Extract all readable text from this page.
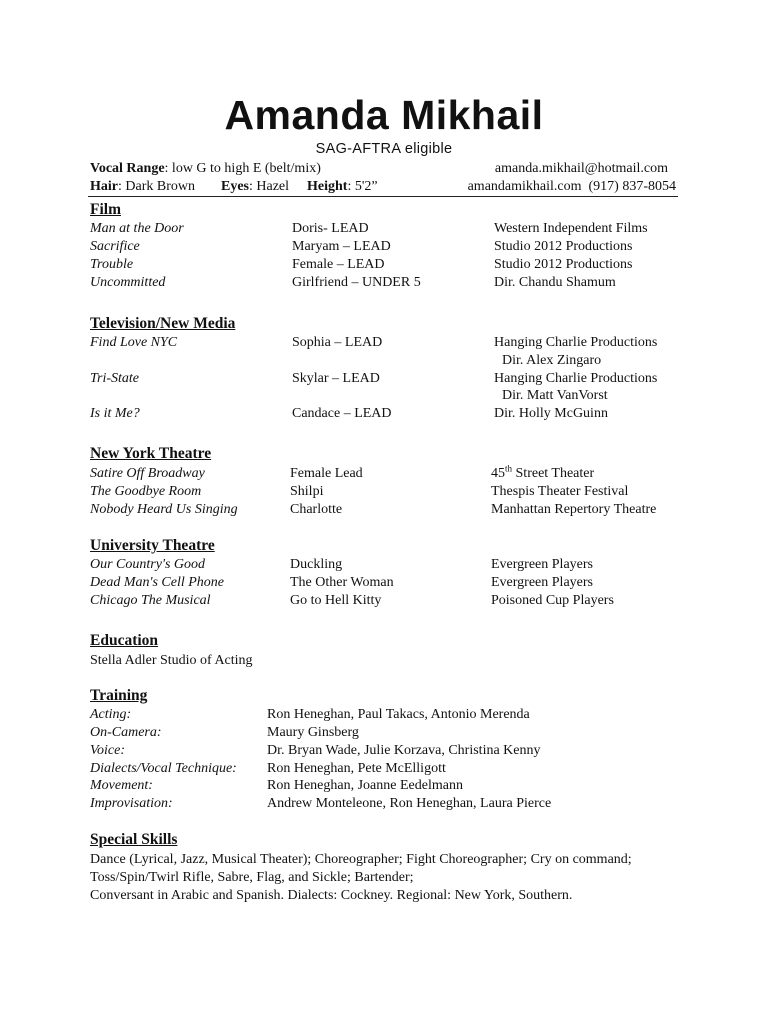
Amanda Mikhail
SAG-AFTRA eligible
Vocal Range: low G to high E (belt/mix)	amanda.mikhail@hotmail.com
Hair: Dark Brown Eyes: Hazel Height: 5'2”	amandamikhail.com  (917) 837-8054
Film
Man at the Door	Doris- LEAD	Western Independent Films
Sacrifice	Maryam – LEAD	Studio 2012 Productions
Trouble	Female – LEAD	Studio 2012 Productions
Uncommitted	Girlfriend – UNDER 5	Dir. Chandu Shamum
Television/New Media
Find Love NYC	Sophia – LEAD	Hanging Charlie Productions
Dir. Alex Zingaro
Tri-State	Skylar – LEAD	Hanging Charlie Productions
Dir. Matt VanVorst
Is it Me?	Candace – LEAD	Dir. Holly McGuinn
New York Theatre
Satire Off Broadway	Female Lead	45th Street Theater
The Goodbye Room	Shilpi	Thespis Theater Festival
Nobody Heard Us Singing	Charlotte	Manhattan Repertory Theatre
University Theatre
Our Country's Good	Duckling	Evergreen Players
Dead Man's Cell Phone	The Other Woman	Evergreen Players
Chicago The Musical	Go to Hell Kitty	Poisoned Cup Players
Education
Stella Adler Studio of Acting
Training
Acting:	Ron Heneghan, Paul Takacs, Antonio Merenda
On-Camera:	Maury Ginsberg
Voice:	Dr. Bryan Wade, Julie Korzava, Christina Kenny
Dialects/Vocal Technique: Ron Heneghan, Pete McElligott
Movement:	Ron Heneghan, Joanne Eedelmann
Improvisation:	Andrew Monteleone, Ron Heneghan, Laura Pierce
Special Skills
Dance (Lyrical, Jazz, Musical Theater); Choreographer; Fight Choreographer; Cry on command;
Toss/Spin/Twirl Rifle, Sabre, Flag, and Sickle; Bartender;
Conversant in Arabic and Spanish. Dialects: Cockney. Regional: New York, Southern.
